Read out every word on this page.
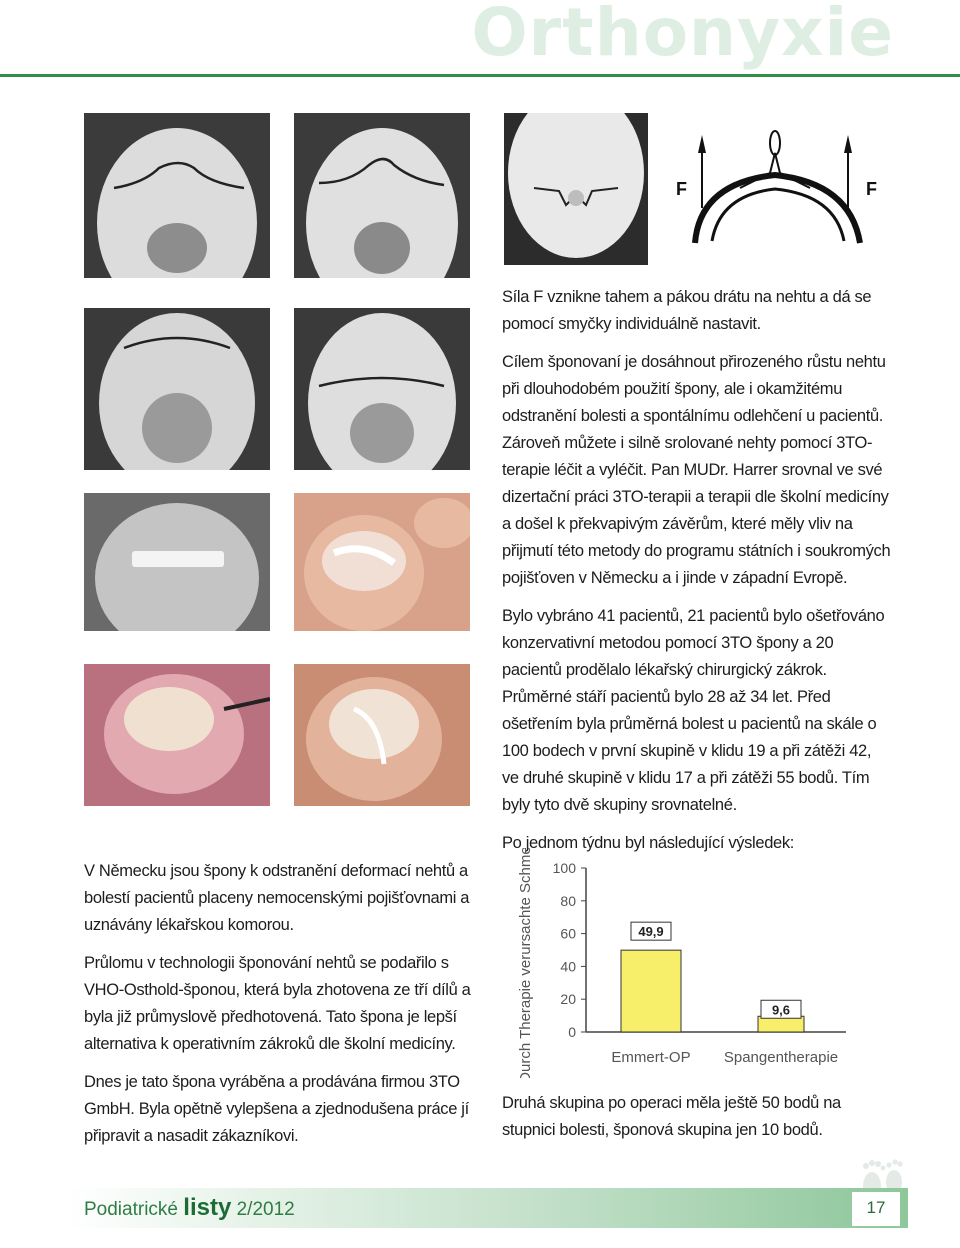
Orthonyxie
F	F

Síla F vznikne tahem a pákou drátu na nehtu a dá se pomocí smyčky individuálně nastavit.

Cílem šponovaní je dosáhnout přirozeného růstu nehtu při dlouhodobém použití špony, ale i okamžitému odstranění bolesti a spontálnímu odlehčení u pacientů. Zároveň můžete i silně srolované nehty pomocí 3TO-terapie léčit a vyléčit. Pan MUDr. Harrer srovnal ve své dizertační práci 3TO-terapii a terapii dle školní medicíny a došel k překvapivým závěrům, které měly vliv na přijmutí této metody do programu státních i soukromých pojišťoven v Německu a i jinde v západní Evropě.

Bylo vybráno 41 pacientů, 21 pacientů bylo ošetřováno konzervativní metodou pomocí 3TO špony a 20 pacientů prodělalo lékařský chirurgický zákrok. Průměrné stáří pacientů bylo 28 až 34 let. Před ošetřením byla průměrná bolest u pacientů na skále o 100 bodech v první skupině v klidu 19 a při zátěži 42, ve druhé skupině v klidu 17 a při zátěži 55 bodů. Tím byly tyto dvě skupiny srovnatelné.

Po jednom týdnu byl následující výsledek:

Durch Therapie verursachte Schmerzen 0
20
40
60
80
100
49,9
Emmert-OP
9,6
Spangentherapie

Druhá skupina po operaci měla ještě 50 bodů na stupnici bolesti, šponová skupina jen 10 bodů.

V Německu jsou špony k odstranění deformací nehtů a bolestí pacientů placeny nemocenskými pojišťovnami a uznávány lékařskou komorou.

Průlomu v technologii šponování nehtů se podařilo s VHO-Osthold-šponou, která byla zhotovena ze tří dílů a byla již průmyslově předhotovená. Tato špona je lepší alternativa k operativním zákroků dle školní medicíny.

Dnes je tato špona vyráběna a prodávána firmou 3TO GmbH. Byla opětně vylepšena a zjednodušena práce jí připravit a nasadit zákazníkovi.

Podiatrické listy 2/2012	17
